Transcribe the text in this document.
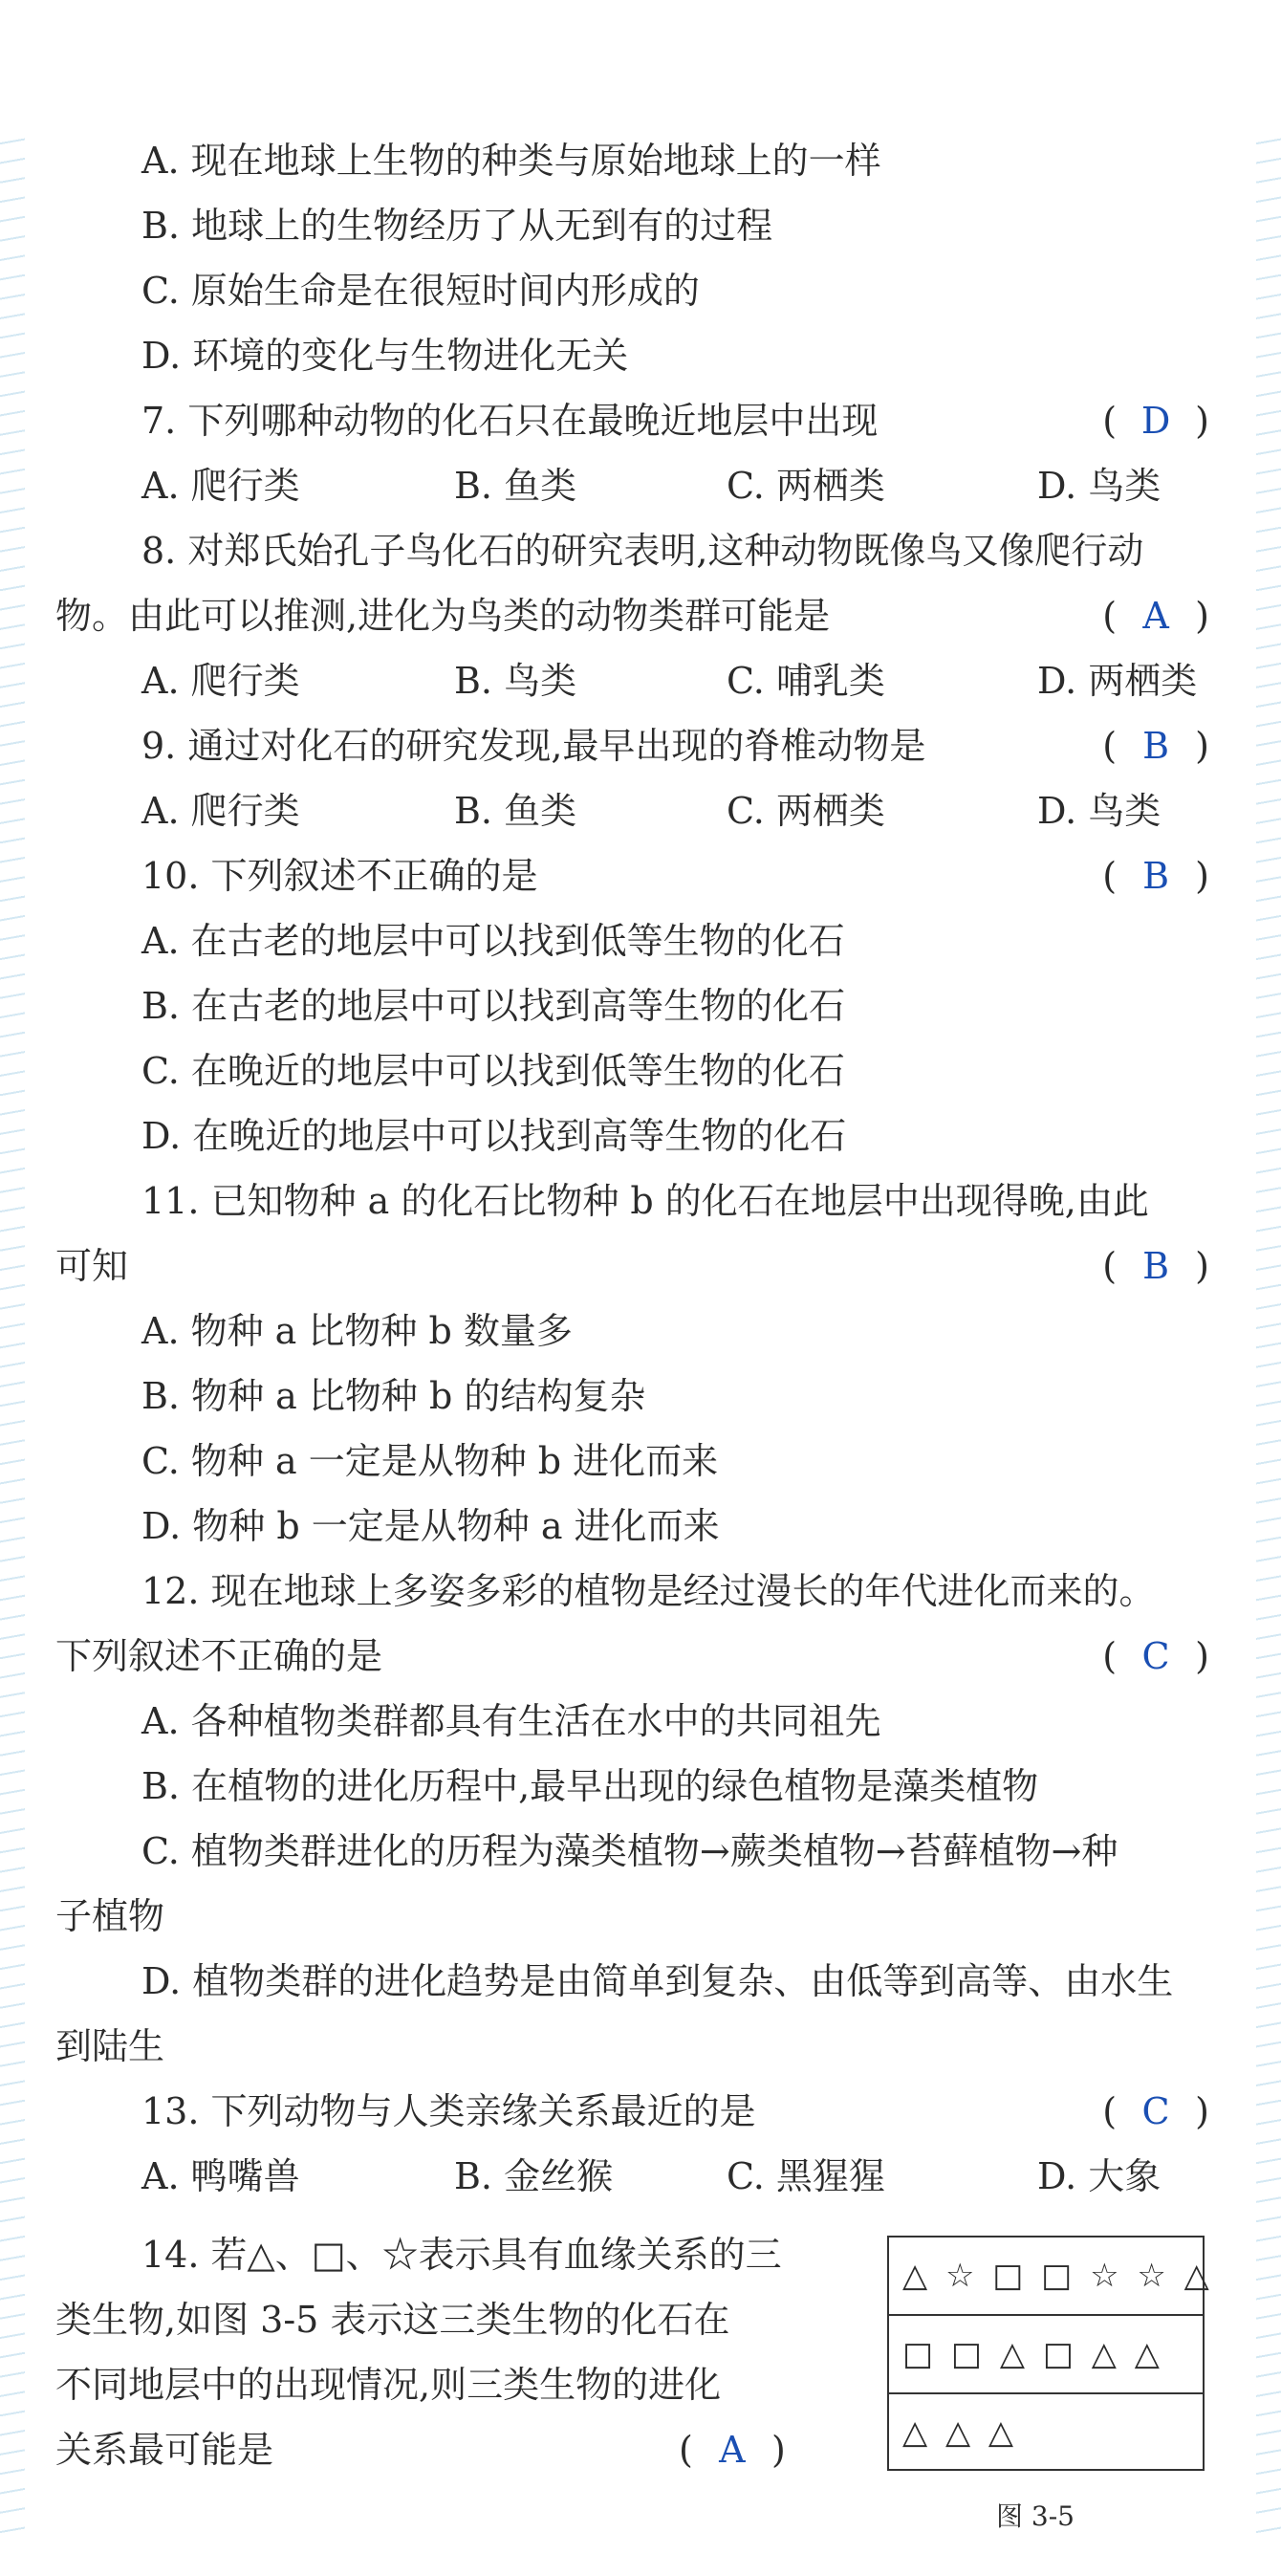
A. 现在地球上生物的种类与原始地球上的一样
B. 地球上的生物经历了从无到有的过程
C. 原始生命是在很短时间内形成的
D. 环境的变化与生物进化无关
7. 下列哪种动物的化石只在最晚近地层中出现	( D )
A. 爬行类	B. 鱼类	C. 两栖类	D. 鸟类
8. 对郑氏始孔子鸟化石的研究表明,这种动物既像鸟又像爬行动
物。由此可以推测,进化为鸟类的动物类群可能是	( A )
A. 爬行类	B. 鸟类	C. 哺乳类	D. 两栖类
9. 通过对化石的研究发现,最早出现的脊椎动物是	( B )
A. 爬行类	B. 鱼类	C. 两栖类	D. 鸟类
10. 下列叙述不正确的是	( B )
A. 在古老的地层中可以找到低等生物的化石
B. 在古老的地层中可以找到高等生物的化石
C. 在晚近的地层中可以找到低等生物的化石
D. 在晚近的地层中可以找到高等生物的化石
11. 已知物种 a 的化石比物种 b 的化石在地层中出现得晚,由此
可知	( B )
A. 物种 a 比物种 b 数量多
B. 物种 a 比物种 b 的结构复杂
C. 物种 a 一定是从物种 b 进化而来
D. 物种 b 一定是从物种 a 进化而来
12. 现在地球上多姿多彩的植物是经过漫长的年代进化而来的。
下列叙述不正确的是	( C )
A. 各种植物类群都具有生活在水中的共同祖先
B. 在植物的进化历程中,最早出现的绿色植物是藻类植物
C. 植物类群进化的历程为藻类植物→蕨类植物→苔藓植物→种
子植物
D. 植物类群的进化趋势是由简单到复杂、由低等到高等、由水生
到陆生
13. 下列动物与人类亲缘关系最近的是	( C )
A. 鸭嘴兽	B. 金丝猴	C. 黑猩猩	D. 大象
14. 若△、□、☆表示具有血缘关系的三
类生物,如图 3-5 表示这三类生物的化石在
不同地层中的出现情况,则三类生物的进化
关系最可能是	( A )
△ ☆ □ □ ☆ ☆ △
□ □ △ □ △ △
△ △ △
图 3-5
